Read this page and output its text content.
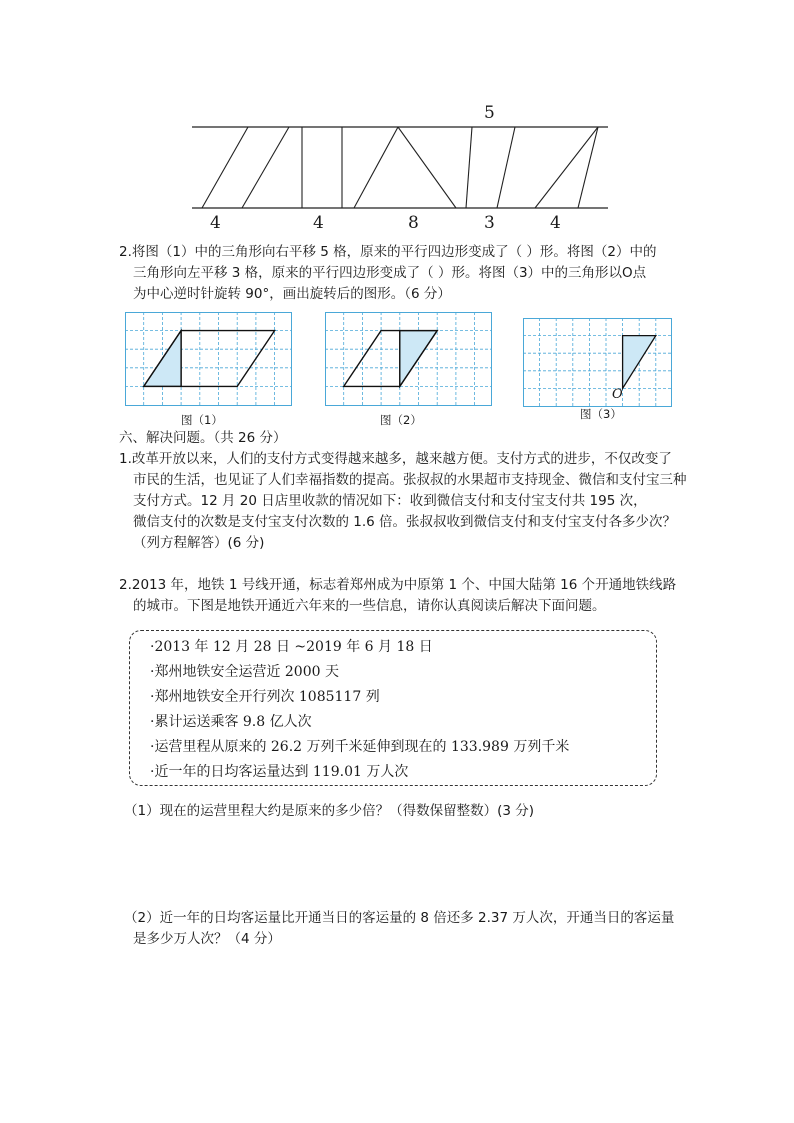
5
4	4	8	3	4
2.将图（1）中的三角形向右平移 5 格，原来的平行四边形变成了（ ）形。将图（2）中的
三角形向左平移 3 格，原来的平行四边形变成了（ ）形。将图（3）中的三角形以O点
为中心逆时针旋转 90°，画出旋转后的图形。（6 分）
O
图（1）	图（2）	图（3）
六、解决问题。（共 26 分）
1.改革开放以来，人们的支付方式变得越来越多，越来越方便。支付方式的进步，不仅改变了
市民的生活，也见证了人们幸福指数的提高。张叔叔的水果超市支持现金、微信和支付宝三种
支付方式。12 月 20 日店里收款的情况如下：收到微信支付和支付宝支付共 195 次，
微信支付的次数是支付宝支付次数的 1.6 倍。张叔叔收到微信支付和支付宝支付各多少次？
（列方程解答）(6 分)
2.2013 年，地铁 1 号线开通，标志着郑州成为中原第 1 个、中国大陆第 16 个开通地铁线路
的城市。下图是地铁开通近六年来的一些信息，请你认真阅读后解决下面问题。
·2013 年 12 月 28 日 ~2019 年 6 月 18 日
·郑州地铁安全运营近 2000 天
·郑州地铁安全开行列次 1085117 列
·累计运送乘客 9.8 亿人次
·运营里程从原来的 26.2 万列千米延伸到现在的 133.989 万列千米
·近一年的日均客运量达到 119.01 万人次
（1）现在的运营里程大约是原来的多少倍？（得数保留整数）(3 分)
（2）近一年的日均客运量比开通当日的客运量的 8 倍还多 2.37 万人次，开通当日的客运量
是多少万人次？（4 分）
